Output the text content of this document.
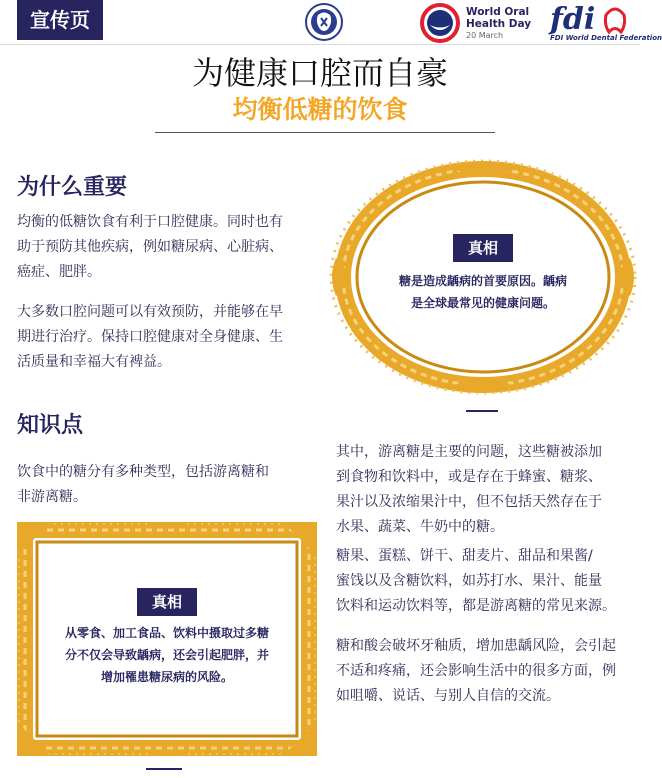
宣传页	World Oral
Health Day
20 March fdi
FDI World Dental Federation
为健康口腔而自豪
均衡低糖的饮食
为什么重要
均衡的低糖饮食有利于口腔健康。同时也有
助于预防其他疾病，例如糖尿病、心脏病、
癌症、肥胖。
大多数口腔问题可以有效预防，并能够在早
期进行治疗。保持口腔健康对全身健康、生
活质量和幸福大有裨益。
真相
糖是造成龋病的首要原因。龋病
是全球最常见的健康问题。
知识点
饮食中的糖分有多种类型，包括游离糖和
非游离糖。
其中，游离糖是主要的问题，这些糖被添加
到食物和饮料中，或是存在于蜂蜜、糖浆、
果汁以及浓缩果汁中，但不包括天然存在于
水果、蔬菜、牛奶中的糖。
糖果、蛋糕、饼干、甜麦片、甜品和果酱/
蜜饯以及含糖饮料，如苏打水、果汁、能量
饮料和运动饮料等，都是游离糖的常见来源。
糖和酸会破坏牙釉质，增加患龋风险，会引起
不适和疼痛，还会影响生活中的很多方面，例
如咀嚼、说话、与别人自信的交流。
真相
从零食、加工食品、饮料中摄取过多糖
分不仅会导致龋病，还会引起肥胖，并
增加罹患糖尿病的风险。
